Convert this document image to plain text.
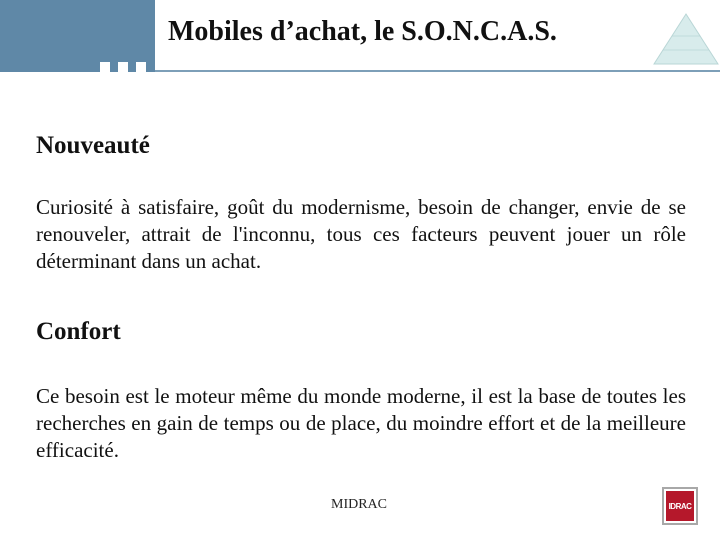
Mobiles d’achat, le S.O.N.C.A.S.
Nouveauté
Curiosité à satisfaire, goût du modernisme, besoin de changer, envie de se renouveler, attrait de l'inconnu, tous ces facteurs peuvent jouer un rôle déterminant dans un achat.
Confort
Ce besoin est le moteur même du monde moderne, il est la base de toutes les recherches en gain de temps ou de place, du moindre effort et de la meilleure efficacité.
MIDRAC	IDRAC
